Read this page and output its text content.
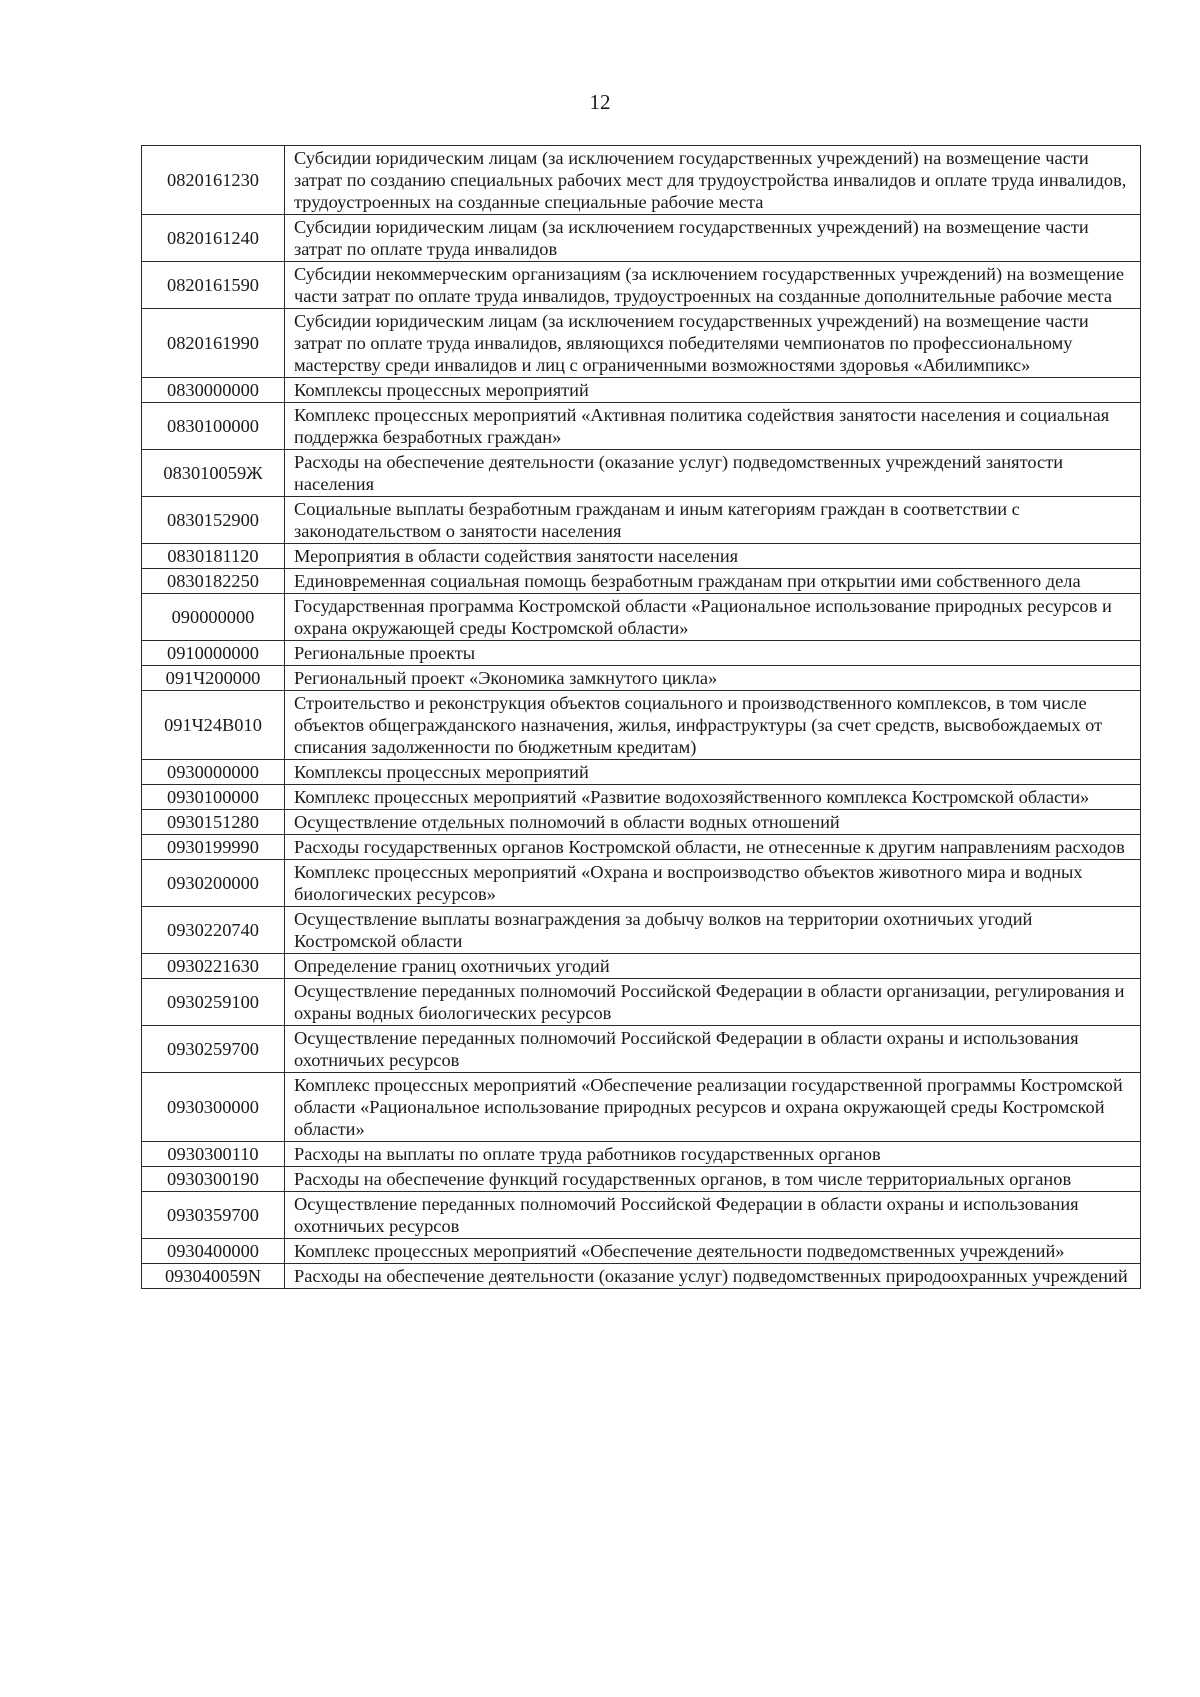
12
0820161230	Субсидии юридическим лицам (за исключением государственных учреждений) на возмещение части затрат по созданию специальных рабочих мест для трудоустройства инвалидов и оплате труда инвалидов, трудоустроенных на созданные специальные рабочие места
0820161240	Субсидии юридическим лицам (за исключением государственных учреждений) на возмещение части затрат по оплате труда инвалидов
0820161590	Субсидии некоммерческим организациям (за исключением государственных учреждений) на возмещение части затрат по оплате труда инвалидов, трудоустроенных на созданные дополнительные рабочие места
0820161990	Субсидии юридическим лицам (за исключением государственных учреждений) на возмещение части затрат по оплате труда инвалидов, являющихся победителями чемпионатов по профессиональному мастерству среди инвалидов и лиц с ограниченными возможностями здоровья «Абилимпикс»
0830000000	Комплексы процессных мероприятий
0830100000	Комплекс процессных мероприятий «Активная политика содействия занятости населения и социальная поддержка безработных граждан»
083010059Ж	Расходы на обеспечение деятельности (оказание услуг) подведомственных учреждений занятости населения
0830152900	Социальные выплаты безработным гражданам и иным категориям граждан в соответствии с законодательством о занятости населения
0830181120	Мероприятия в области содействия занятости населения
0830182250	Единовременная социальная помощь безработным гражданам при открытии ими собственного дела
090000000	Государственная программа Костромской области «Рациональное использование природных ресурсов и охрана окружающей среды Костромской области»
0910000000	Региональные проекты
091Ч200000	Региональный проект «Экономика замкнутого цикла»
091Ч24В010	Строительство и реконструкция объектов социального и производственного комплексов, в том числе объектов общегражданского назначения, жилья, инфраструктуры (за счет средств, высвобождаемых от списания задолженности по бюджетным кредитам)
0930000000	Комплексы процессных мероприятий
0930100000	Комплекс процессных мероприятий «Развитие водохозяйственного комплекса Костромской области»
0930151280	Осуществление отдельных полномочий в области водных отношений
0930199990	Расходы государственных органов Костромской области, не отнесенные к другим направлениям расходов
0930200000	Комплекс процессных мероприятий «Охрана и воспроизводство объектов животного мира и водных биологических ресурсов»
0930220740	Осуществление выплаты вознаграждения за добычу волков на территории охотничьих угодий Костромской области
0930221630	Определение границ охотничьих угодий
0930259100	Осуществление переданных полномочий Российской Федерации в области организации, регулирования и охраны водных биологических ресурсов
0930259700	Осуществление переданных полномочий Российской Федерации в области охраны и использования охотничьих ресурсов
0930300000	Комплекс процессных мероприятий «Обеспечение реализации государственной программы Костромской области «Рациональное использование природных ресурсов и охрана окружающей среды Костромской области»
0930300110	Расходы на выплаты по оплате труда работников государственных органов
0930300190	Расходы на обеспечение функций государственных органов, в том числе территориальных органов
0930359700	Осуществление переданных полномочий Российской Федерации в области охраны и использования охотничьих ресурсов
0930400000	Комплекс процессных мероприятий «Обеспечение деятельности подведомственных учреждений»
093040059N	Расходы на обеспечение деятельности (оказание услуг) подведомственных природоохранных учреждений
